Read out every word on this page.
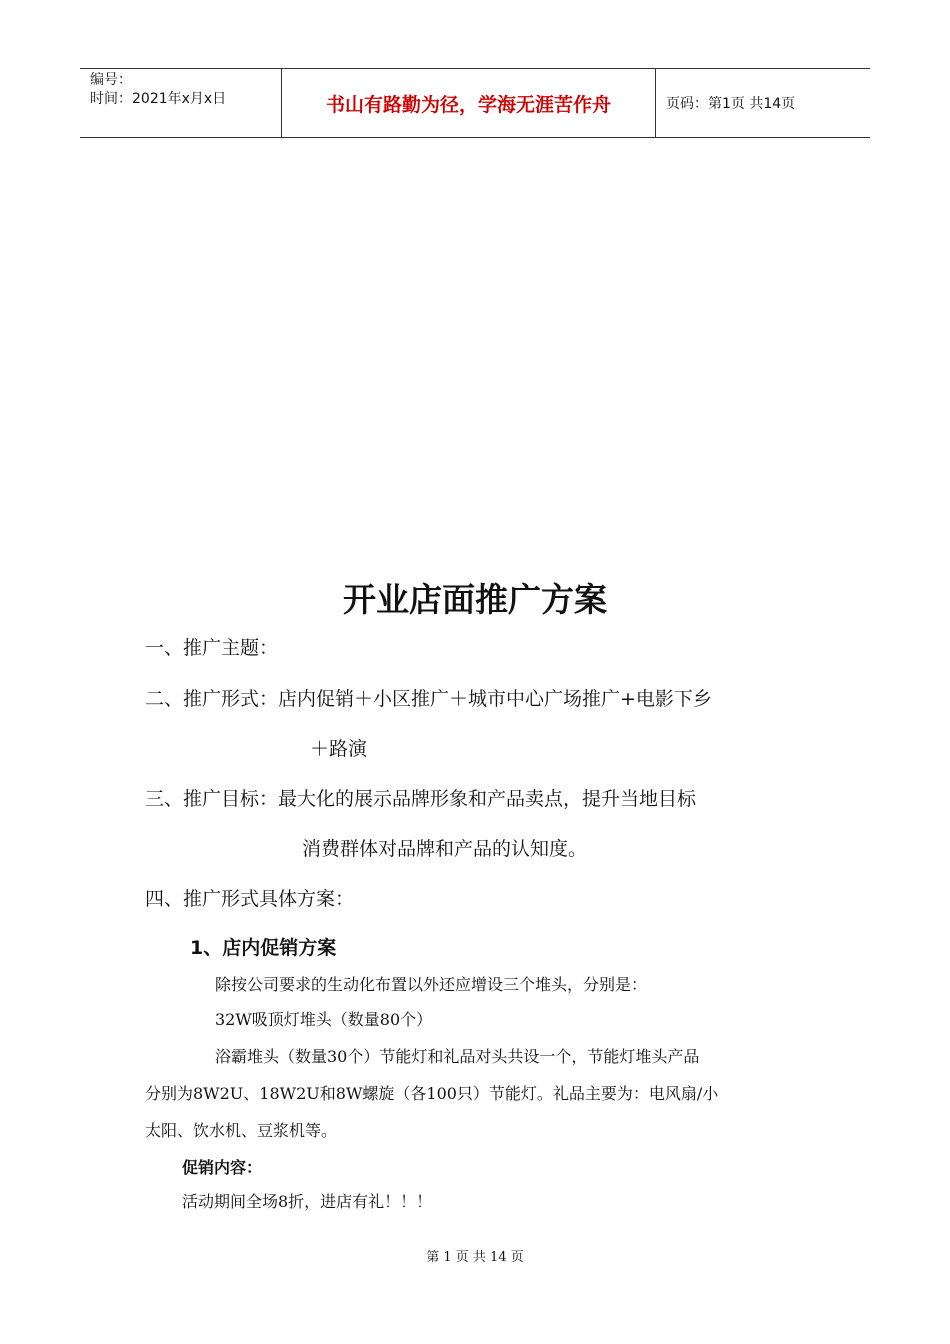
编号：
时间：2021年x月x日	书山有路勤为径，学海无涯苦作舟	页码：第1页 共14页
开业店面推广方案
一、推广主题：
二、推广形式：店内促销＋小区推广＋城市中心广场推广+电影下乡
＋路演
三、推广目标：最大化的展示品牌形象和产品卖点，提升当地目标
消费群体对品牌和产品的认知度。
四、推广形式具体方案：
1、店内促销方案
除按公司要求的生动化布置以外还应增设三个堆头，分别是：
32W吸顶灯堆头（数量80个）
浴霸堆头（数量30个）节能灯和礼品对头共设一个，节能灯堆头产品
分别为8W2U、18W2U和8W螺旋（各100只）节能灯。礼品主要为：电风扇/小
太阳、饮水机、豆浆机等。
促销内容：
活动期间全场8折，进店有礼！！！
第 1 页 共 14 页
